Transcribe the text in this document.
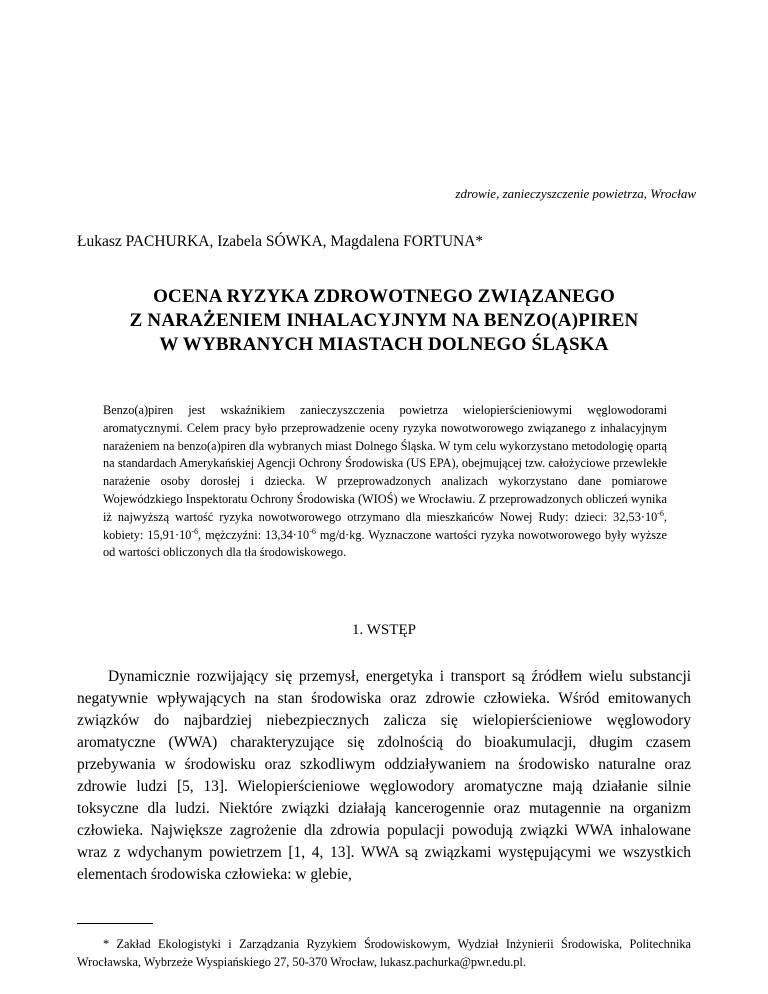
zdrowie, zanieczyszczenie powietrza, Wrocław
Łukasz PACHURKA, Izabela SÓWKA, Magdalena FORTUNA*
OCENA RYZYKA ZDROWOTNEGO ZWIĄZANEGO
Z NARAŻENIEM INHALACYJNYM NA BENZO(A)PIREN
W WYBRANYCH MIASTACH DOLNEGO ŚLĄSKA
Benzo(a)piren jest wskaźnikiem zanieczyszczenia powietrza wielopierścieniowymi węglowodorami aromatycznymi. Celem pracy było przeprowadzenie oceny ryzyka nowotworowego związanego z inhalacyjnym narażeniem na benzo(a)piren dla wybranych miast Dolnego Śląska. W tym celu wykorzystano metodologię opartą na standardach Amerykańskiej Agencji Ochrony Środowiska (US EPA), obejmującej tzw. całożyciowe przewlekłe narażenie osoby dorosłej i dziecka. W przeprowadzonych analizach wykorzystano dane pomiarowe Wojewódzkiego Inspektoratu Ochrony Środowiska (WIOŚ) we Wrocławiu. Z przeprowadzonych obliczeń wynika iż najwyższą wartość ryzyka nowotworowego otrzymano dla mieszkańców Nowej Rudy: dzieci: $32,53\cdot 10^{-6}$, kobiety: $15,91\cdot 10^{-6}$, mężczyźni: $13,34\cdot 10^{-6}$ mg/d·kg. Wyznaczone wartości ryzyka nowotworowego były wyższe od wartości obliczonych dla tła środowiskowego.
1. WSTĘP

Dynamicznie rozwijający się przemysł, energetyka i transport są źródłem wielu substancji negatywnie wpływających na stan środowiska oraz zdrowie człowieka. Wśród emitowanych związków do najbardziej niebezpiecznych zalicza się wielopierścieniowe węglowodory aromatyczne (WWA) charakteryzujące się zdolnością do bioakumulacji, długim czasem przebywania w środowisku oraz szkodliwym oddziaływaniem na środowisko naturalne oraz zdrowie ludzi [5, 13]. Wielopierścieniowe węglowodory aromatyczne mają działanie silnie toksyczne dla ludzi. Niektóre związki działają kancerogennie oraz mutagennie na organizm człowieka. Największe zagrożenie dla zdrowia populacji powodują związki WWA inhalowane wraz z wdychanym powietrzem [1, 4, 13]. WWA są związkami występującymi we wszystkich elementach środowiska człowieka: w glebie,

* Zakład Ekologistyki i Zarządzania Ryzykiem Środowiskowym, Wydział Inżynierii Środowiska, Politechnika Wrocławska, Wybrzeże Wyspiańskiego 27, 50-370 Wrocław, lukasz.pachurka@pwr.edu.pl.
